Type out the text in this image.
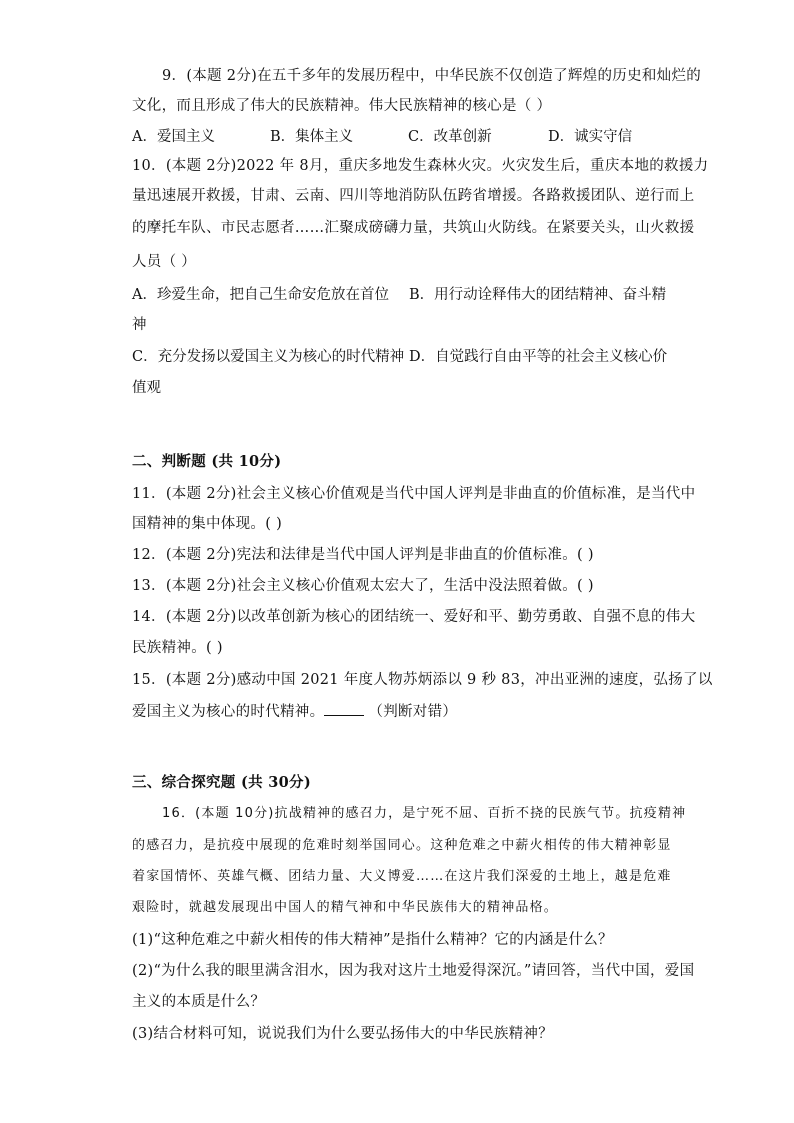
9．(本题 2分)在五千多年的发展历程中，中华民族不仅创造了辉煌的历史和灿烂的
文化，而且形成了伟大的民族精神。伟大民族精神的核心是（ ）
A．爱国主义	B．集体主义	C．改革创新	D．诚实守信
10．(本题 2分)2022 年 8月，重庆多地发生森林火灾。火灾发生后，重庆本地的救援力
量迅速展开救援，甘肃、云南、四川等地消防队伍跨省增援。各路救援团队、逆行而上
的摩托车队、市民志愿者……汇聚成磅礴力量，共筑山火防线。在紧要关头，山火救援
人员（ ）
A．珍爱生命，把自己生命安危放在首位 B．用行动诠释伟大的团结精神、奋斗精
神
C．充分发扬以爱国主义为核心的时代精神 D．自觉践行自由平等的社会主义核心价
值观
二、判断题 (共 10分)
11．(本题 2分)社会主义核心价值观是当代中国人评判是非曲直的价值标准，是当代中
国精神的集中体现。( )
12．(本题 2分)宪法和法律是当代中国人评判是非曲直的价值标准。( )
13．(本题 2分)社会主义核心价值观太宏大了，生活中没法照着做。( )
14．(本题 2分)以改革创新为核心的团结统一、爱好和平、勤劳勇敢、自强不息的伟大
民族精神。( )
15．(本题 2分)感动中国 2021 年度人物苏炳添以 9 秒 83，冲出亚洲的速度，弘扬了以
爱国主义为核心的时代精神。	（判断对错）
三、综合探究题 (共 30分)
16．(本题 10分)抗战精神的感召力，是宁死不屈、百折不挠的民族气节。抗疫精神
的感召力，是抗疫中展现的危难时刻举国同心。这种危难之中薪火相传的伟大精神彰显
着家国情怀、英雄气概、团结力量、大义博爱……在这片我们深爱的土地上，越是危难
艰险时，就越发展现出中国人的精气神和中华民族伟大的精神品格。
(1)“这种危难之中薪火相传的伟大精神”是指什么精神？它的内涵是什么？
(2)“为什么我的眼里满含泪水，因为我对这片土地爱得深沉。”请回答，当代中国，爱国
主义的本质是什么？
(3)结合材料可知，说说我们为什么要弘扬伟大的中华民族精神？
